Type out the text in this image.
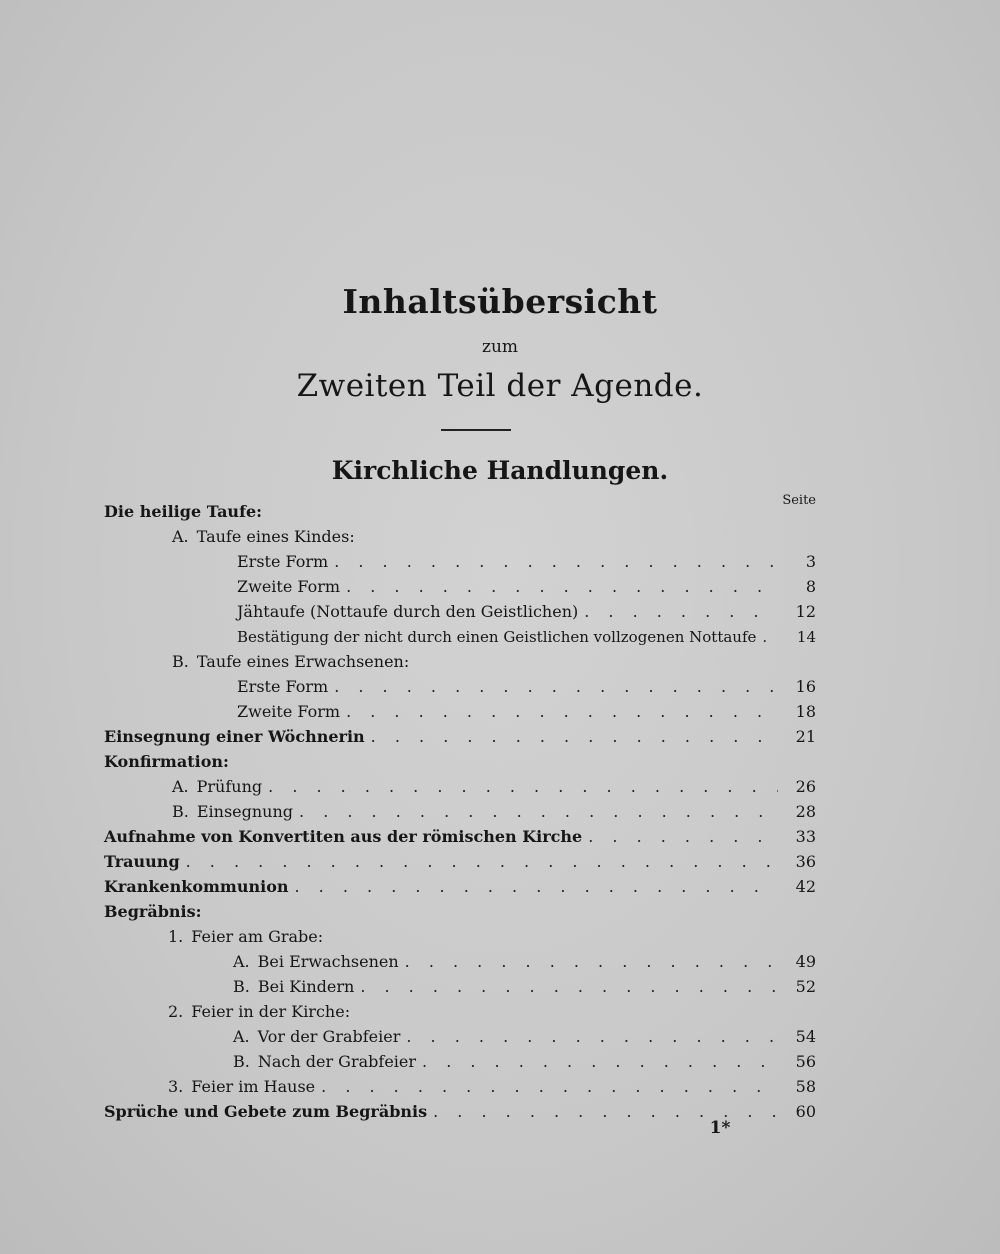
Inhaltsübersicht
zum
Zweiten Teil der Agende.
Kirchliche Handlungen.
Seite
Die heilige Taufe:
A. Taufe eines Kindes:
Erste Form . . .	3
Zweite Form . . .	8
Jähtaufe (Nottaufe durch den Geistlichen) . . .	12
Bestätigung der nicht durch einen Geistlichen vollzogenen Nottaufe . . .	14
B. Taufe eines Erwachsenen:
Erste Form . . .	16
Zweite Form . . .	18
Einsegnung einer Wöchnerin . . .	21
Konfirmation:
A. Prüfung . . .	26
B. Einsegnung . . .	28
Aufnahme von Konvertiten aus der römischen Kirche . . .	33
Trauung . . .	36
Krankenkommunion . . .	42
Begräbnis:
1. Feier am Grabe:
A. Bei Erwachsenen . . .	49
B. Bei Kindern . . .	52
2. Feier in der Kirche:
A. Vor der Grabfeier . . .	54
B. Nach der Grabfeier . . .	56
3. Feier im Hause . . .	58
Sprüche und Gebete zum Begräbnis . . .	60
1*
